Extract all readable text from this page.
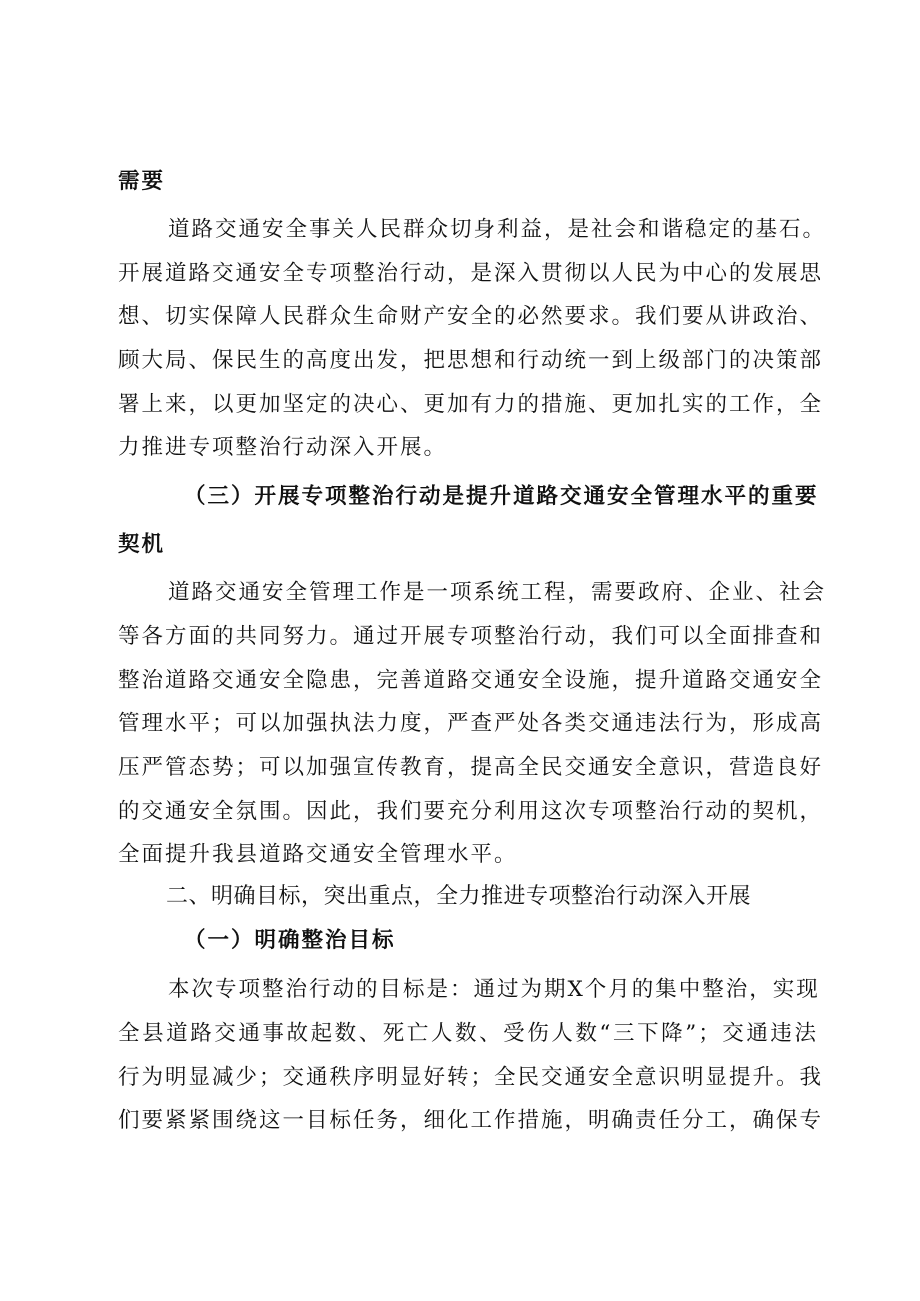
需要
道路交通安全事关人民群众切身利益，是社会和谐稳定的基石。
开展道路交通安全专项整治行动，是深入贯彻以人民为中心的发展思
想、切实保障人民群众生命财产安全的必然要求。我们要从讲政治、
顾大局、保民生的高度出发，把思想和行动统一到上级部门的决策部
署上来，以更加坚定的决心、更加有力的措施、更加扎实的工作，全
力推进专项整治行动深入开展。
（三）开展专项整治行动是提升道路交通安全管理水平的重要
契机
道路交通安全管理工作是一项系统工程，需要政府、企业、社会
等各方面的共同努力。通过开展专项整治行动，我们可以全面排查和
整治道路交通安全隐患，完善道路交通安全设施，提升道路交通安全
管理水平；可以加强执法力度，严查严处各类交通违法行为，形成高
压严管态势；可以加强宣传教育，提高全民交通安全意识，营造良好
的交通安全氛围。因此，我们要充分利用这次专项整治行动的契机，
全面提升我县道路交通安全管理水平。
二、明确目标，突出重点，全力推进专项整治行动深入开展
（一）明确整治目标
本次专项整治行动的目标是：通过为期X个月的集中整治，实现
全县道路交通事故起数、死亡人数、受伤人数“三下降”；交通违法
行为明显减少；交通秩序明显好转；全民交通安全意识明显提升。我
们要紧紧围绕这一目标任务，细化工作措施，明确责任分工，确保专
